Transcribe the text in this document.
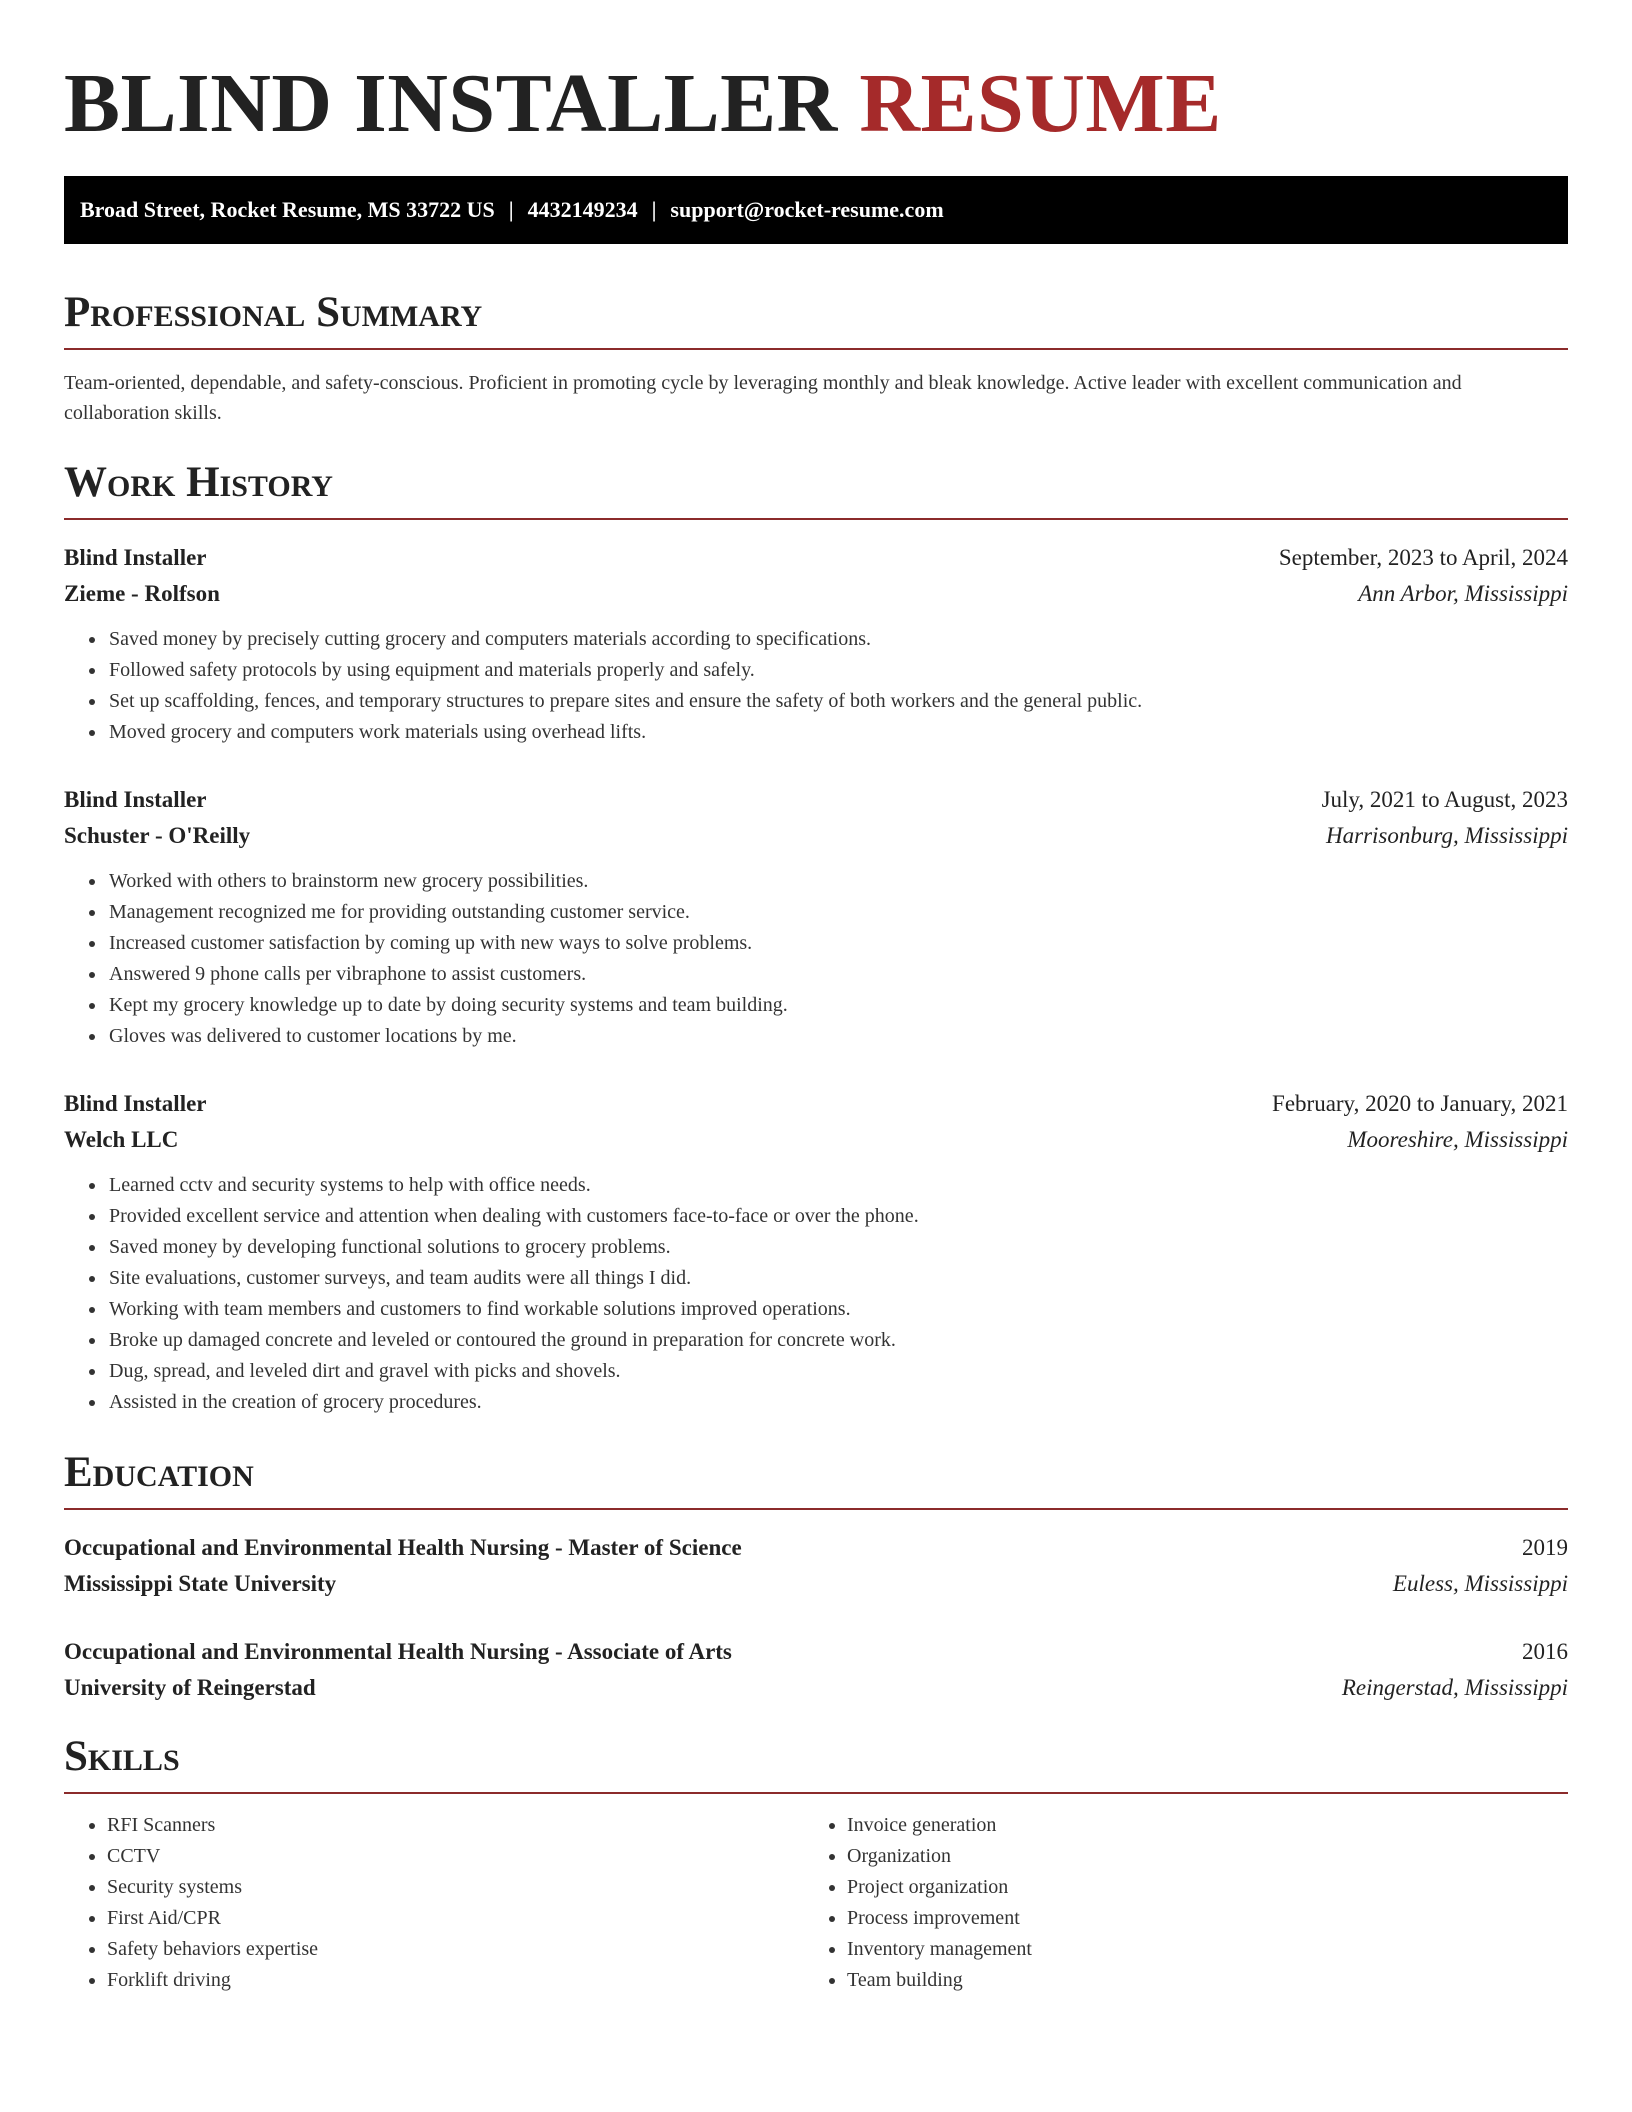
BLIND INSTALLER RESUME
Broad Street, Rocket Resume, MS 33722 US | 4432149234 | support@rocket-resume.com
Professional Summary
Team-oriented, dependable, and safety-conscious. Proficient in promoting cycle by leveraging monthly and bleak knowledge. Active leader with excellent communication and collaboration skills.
Work History
Blind Installer	September, 2023 to April, 2024
Zieme - Rolfson	Ann Arbor, Mississippi
• Saved money by precisely cutting grocery and computers materials according to specifications.
• Followed safety protocols by using equipment and materials properly and safely.
• Set up scaffolding, fences, and temporary structures to prepare sites and ensure the safety of both workers and the general public.
• Moved grocery and computers work materials using overhead lifts.
Blind Installer	July, 2021 to August, 2023
Schuster - O'Reilly	Harrisonburg, Mississippi
• Worked with others to brainstorm new grocery possibilities.
• Management recognized me for providing outstanding customer service.
• Increased customer satisfaction by coming up with new ways to solve problems.
• Answered 9 phone calls per vibraphone to assist customers.
• Kept my grocery knowledge up to date by doing security systems and team building.
• Gloves was delivered to customer locations by me.
Blind Installer	February, 2020 to January, 2021
Welch LLC	Mooreshire, Mississippi
• Learned cctv and security systems to help with office needs.
• Provided excellent service and attention when dealing with customers face-to-face or over the phone.
• Saved money by developing functional solutions to grocery problems.
• Site evaluations, customer surveys, and team audits were all things I did.
• Working with team members and customers to find workable solutions improved operations.
• Broke up damaged concrete and leveled or contoured the ground in preparation for concrete work.
• Dug, spread, and leveled dirt and gravel with picks and shovels.
• Assisted in the creation of grocery procedures.
Education
Occupational and Environmental Health Nursing - Master of Science	2019
Mississippi State University	Euless, Mississippi
Occupational and Environmental Health Nursing - Associate of Arts	2016
University of Reingerstad	Reingerstad, Mississippi
Skills
• RFI Scanners
• CCTV
• Security systems
• First Aid/CPR
• Safety behaviors expertise
• Forklift driving
• Invoice generation
• Organization
• Project organization
• Process improvement
• Inventory management
• Team building
